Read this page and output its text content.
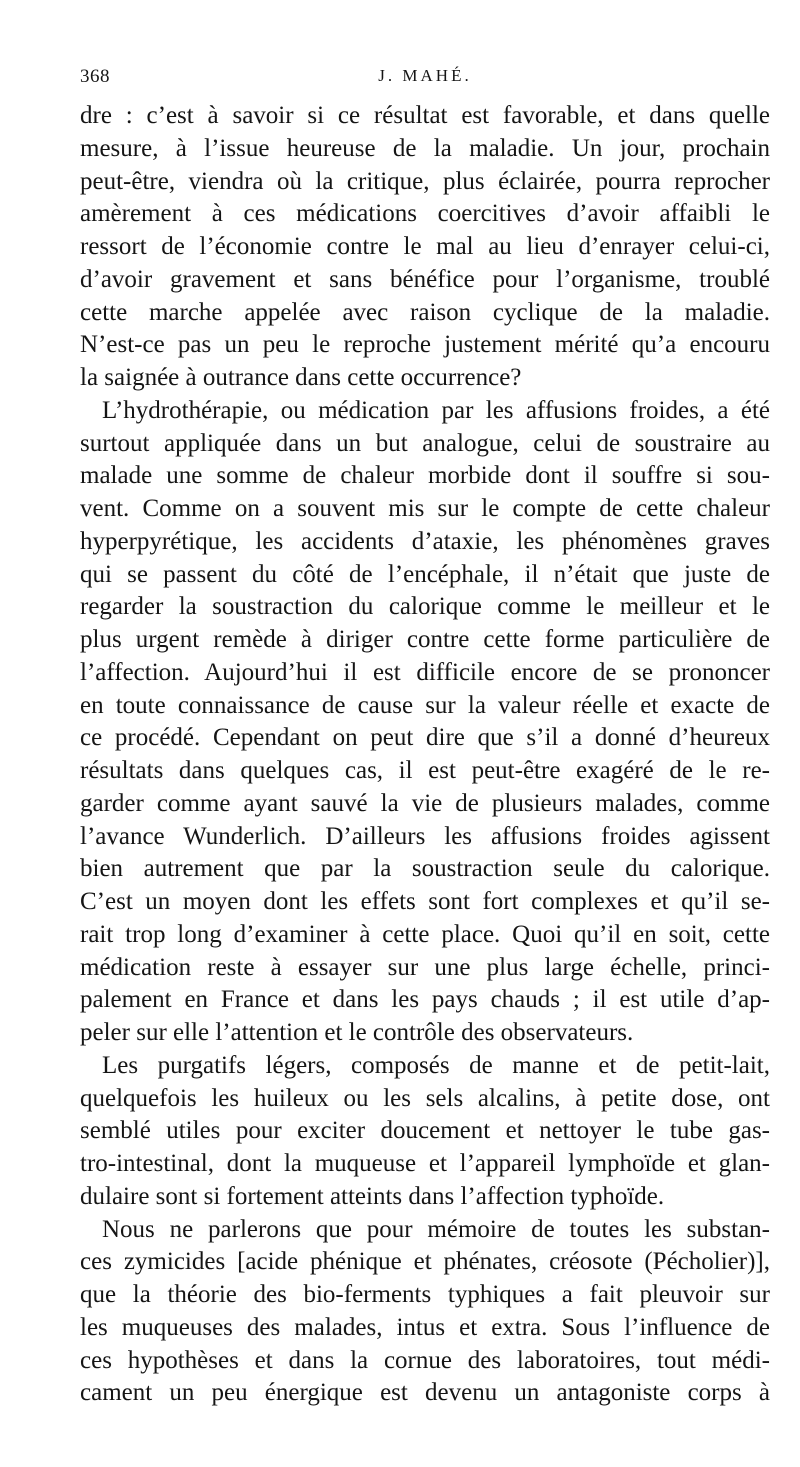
368	J. MAHÉ.
dre : c’est à savoir si ce résultat est favorable, et dans quelle
mesure, à l’issue heureuse de la maladie. Un jour, prochain
peut-être, viendra où la critique, plus éclairée, pourra reprocher
amèrement à ces médications coercitives d’avoir affaibli le
ressort de l’économie contre le mal au lieu d’enrayer celui-ci,
d’avoir gravement et sans bénéfice pour l’organisme, troublé
cette marche appelée avec raison cyclique de la maladie.
N’est-ce pas un peu le reproche justement mérité qu’a encouru
la saignée à outrance dans cette occurrence?
L’hydrothérapie, ou médication par les affusions froides, a été
surtout appliquée dans un but analogue, celui de soustraire au
malade une somme de chaleur morbide dont il souffre si sou-
vent. Comme on a souvent mis sur le compte de cette chaleur
hyperpyrétique, les accidents d’ataxie, les phénomènes graves
qui se passent du côté de l’encéphale, il n’était que juste de
regarder la soustraction du calorique comme le meilleur et le
plus urgent remède à diriger contre cette forme particulière de
l’affection. Aujourd’hui il est difficile encore de se prononcer
en toute connaissance de cause sur la valeur réelle et exacte de
ce procédé. Cependant on peut dire que s’il a donné d’heureux
résultats dans quelques cas, il est peut-être exagéré de le re-
garder comme ayant sauvé la vie de plusieurs malades, comme
l’avance Wunderlich. D’ailleurs les affusions froides agissent
bien autrement que par la soustraction seule du calorique.
C’est un moyen dont les effets sont fort complexes et qu’il se-
rait trop long d’examiner à cette place. Quoi qu’il en soit, cette
médication reste à essayer sur une plus large échelle, princi-
palement en France et dans les pays chauds ; il est utile d’ap-
peler sur elle l’attention et le contrôle des observateurs.
Les purgatifs légers, composés de manne et de petit-lait,
quelquefois les huileux ou les sels alcalins, à petite dose, ont
semblé utiles pour exciter doucement et nettoyer le tube gas-
tro-intestinal, dont la muqueuse et l’appareil lymphoïde et glan-
dulaire sont si fortement atteints dans l’affection typhoïde.
Nous ne parlerons que pour mémoire de toutes les substan-
ces zymicides [acide phénique et phénates, créosote (Pécholier)],
que la théorie des bio-ferments typhiques a fait pleuvoir sur
les muqueuses des malades, intus et extra. Sous l’influence de
ces hypothèses et dans la cornue des laboratoires, tout médi-
cament un peu énergique est devenu un antagoniste corps à
